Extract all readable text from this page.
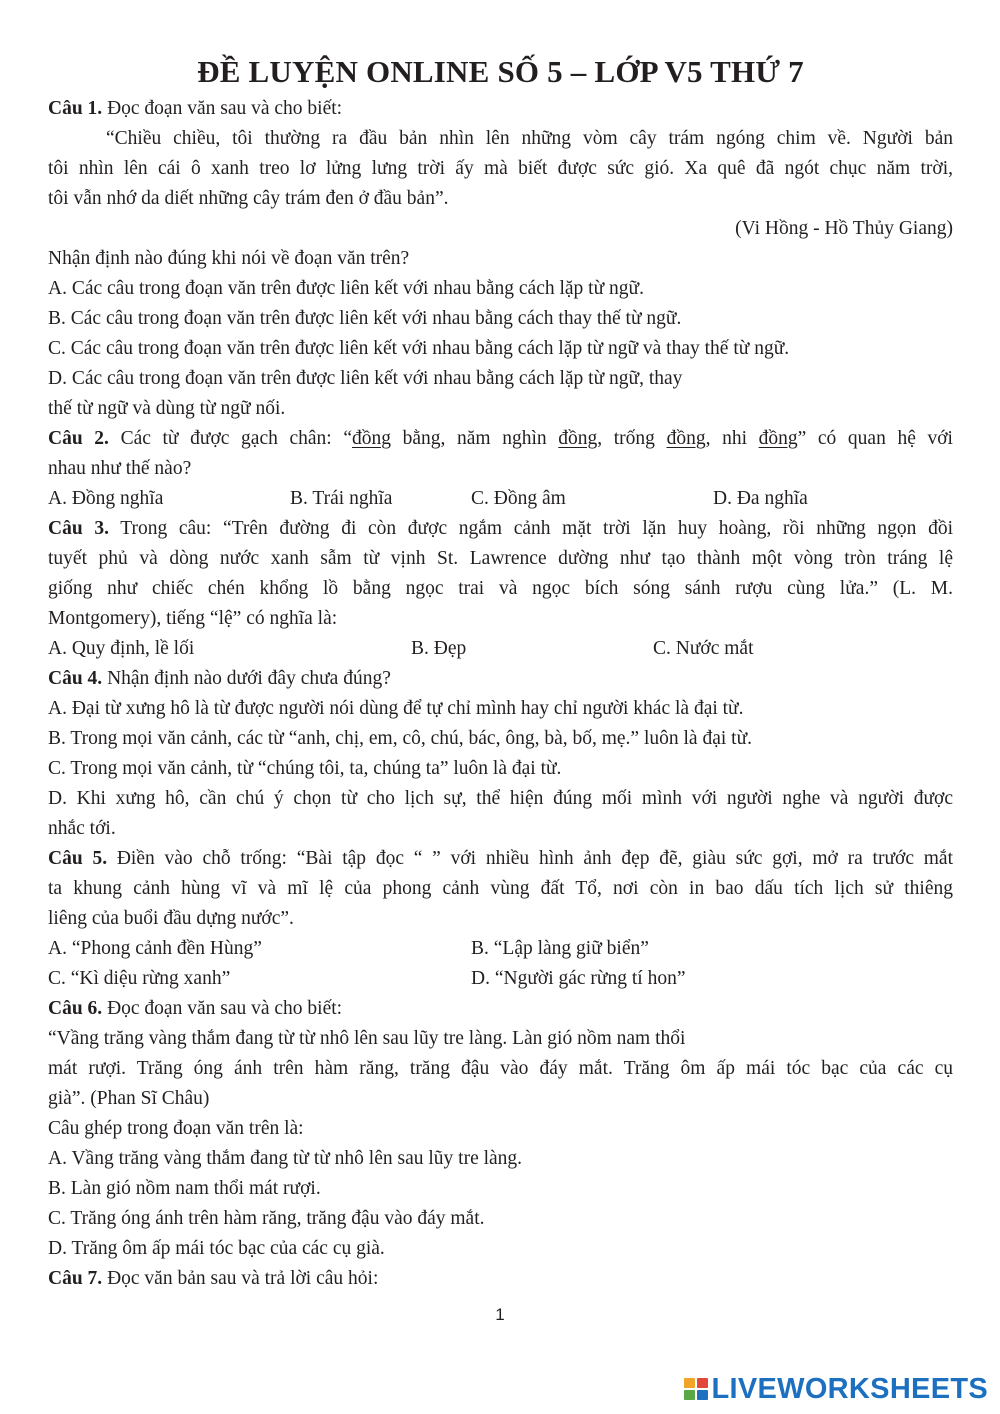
ĐỀ LUYỆN ONLINE SỐ 5 – LỚP V5 THỨ 7
Câu 1. Đọc đoạn văn sau và cho biết:
“Chiều chiều, tôi thường ra đầu bản nhìn lên những vòm cây trám ngóng chim về. Người bản
tôi nhìn lên cái ô xanh treo lơ lửng lưng trời ấy mà biết được sức gió. Xa quê đã ngót chục năm trời,
tôi vẫn nhớ da diết những cây trám đen ở đầu bản”.
(Vi Hồng - Hồ Thủy Giang)
Nhận định nào đúng khi nói về đoạn văn trên?
A. Các câu trong đoạn văn trên được liên kết với nhau bằng cách lặp từ ngữ.
B. Các câu trong đoạn văn trên được liên kết với nhau bằng cách thay thế từ ngữ.
C. Các câu trong đoạn văn trên được liên kết với nhau bằng cách lặp từ ngữ và thay thế từ ngữ.
D. Các câu trong đoạn văn trên được liên kết với nhau bằng cách lặp từ ngữ, thay
thế từ ngữ và dùng từ ngữ nối.
Câu 2. Các từ được gạch chân: “đồng bằng, năm nghìn đồng, trống đồng, nhi đồng” có quan hệ với
nhau như thế nào?
A. Đồng nghĩa	B. Trái nghĩa	C. Đồng âm	D. Đa nghĩa
Câu 3. Trong câu: “Trên đường đi còn được ngắm cảnh mặt trời lặn huy hoàng, rồi những ngọn đồi
tuyết phủ và dòng nước xanh sẫm từ vịnh St. Lawrence dường như tạo thành một vòng tròn tráng lệ
giống như chiếc chén khổng lồ bằng ngọc trai và ngọc bích sóng sánh rượu cùng lửa.” (L. M.
Montgomery), tiếng “lệ” có nghĩa là:
A. Quy định, lề lối	B. Đẹp	C. Nước mắt
Câu 4. Nhận định nào dưới đây chưa đúng?
A. Đại từ xưng hô là từ được người nói dùng để tự chỉ mình hay chỉ người khác là đại từ.
B. Trong mọi văn cảnh, các từ “anh, chị, em, cô, chú, bác, ông, bà, bố, mẹ.” luôn là đại từ.
C. Trong mọi văn cảnh, từ “chúng tôi, ta, chúng ta” luôn là đại từ.
D. Khi xưng hô, cần chú ý chọn từ cho lịch sự, thể hiện đúng mối mình với người nghe và người được
nhắc tới.
Câu 5. Điền vào chỗ trống: “Bài tập đọc “ ” với nhiều hình ảnh đẹp đẽ, giàu sức gợi, mở ra trước mắt
ta khung cảnh hùng vĩ và mĩ lệ của phong cảnh vùng đất Tổ, nơi còn in bao dấu tích lịch sử thiêng
liêng của buổi đầu dựng nước”.
A. “Phong cảnh đền Hùng”	B. “Lập làng giữ biển”
C. “Kì diệu rừng xanh”	D. “Người gác rừng tí hon”
Câu 6. Đọc đoạn văn sau và cho biết:
“Vầng trăng vàng thắm đang từ từ nhô lên sau lũy tre làng. Làn gió nồm nam thổi
mát rượi. Trăng óng ánh trên hàm răng, trăng đậu vào đáy mắt. Trăng ôm ấp mái tóc bạc của các cụ
già”. (Phan Sĩ Châu)
Câu ghép trong đoạn văn trên là:
A. Vầng trăng vàng thắm đang từ từ nhô lên sau lũy tre làng.
B. Làn gió nồm nam thổi mát rượi.
C. Trăng óng ánh trên hàm răng, trăng đậu vào đáy mắt.
D. Trăng ôm ấp mái tóc bạc của các cụ già.
Câu 7. Đọc văn bản sau và trả lời câu hỏi:
1
LIVEWORKSHEETS
